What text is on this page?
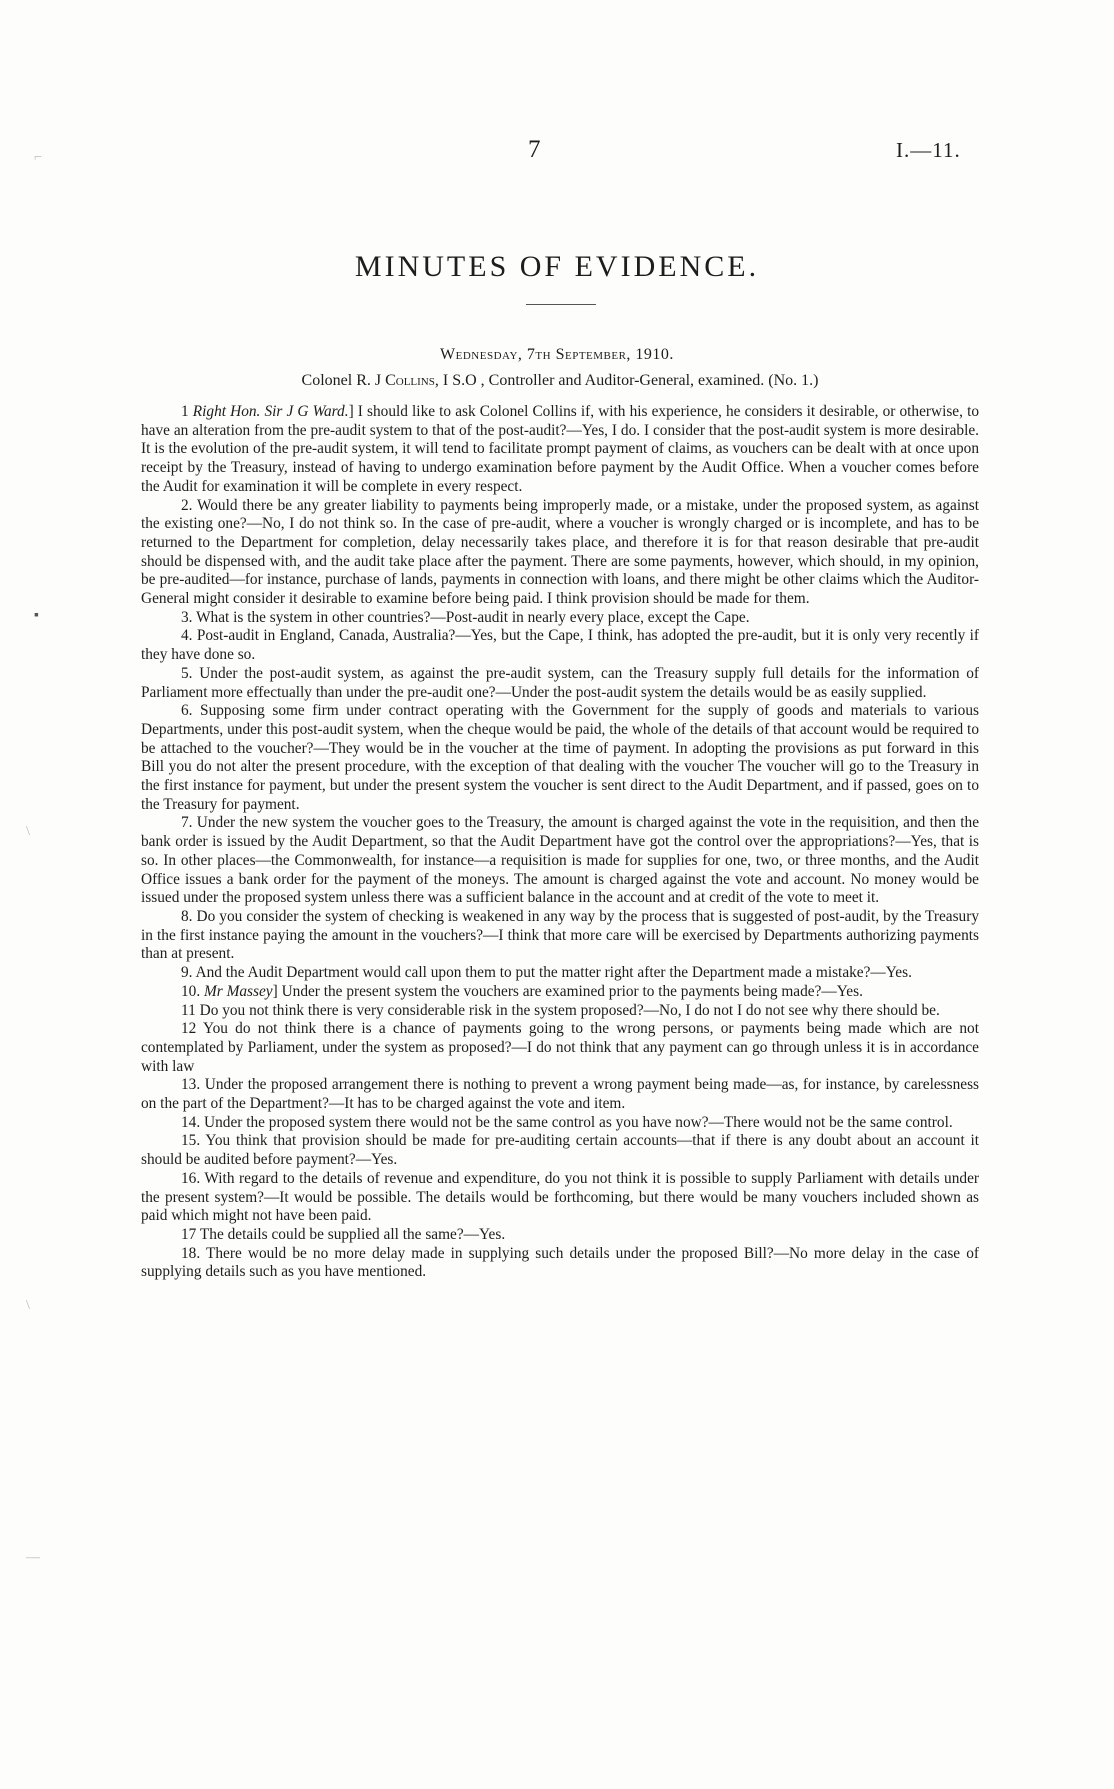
7	I.—11.
MINUTES OF EVIDENCE.
Wednesday, 7th September, 1910.
Colonel R. J Collins, I S.O , Controller and Auditor-General, examined. (No. 1.)

1 Right Hon. Sir J G Ward.] I should like to ask Colonel Collins if, with his experience, he considers it desirable, or otherwise, to have an alteration from the pre-audit system to that of the post-audit?—Yes, I do. I consider that the post-audit system is more desirable. It is the evolution of the pre-audit system, it will tend to facilitate prompt payment of claims, as vouchers can be dealt with at once upon receipt by the Treasury, instead of having to undergo examination before payment by the Audit Office. When a voucher comes before the Audit for examination it will be complete in every respect.

2. Would there be any greater liability to payments being improperly made, or a mistake, under the proposed system, as against the existing one?—No, I do not think so. In the case of pre-audit, where a voucher is wrongly charged or is incomplete, and has to be returned to the Department for completion, delay necessarily takes place, and therefore it is for that reason desirable that pre-audit should be dispensed with, and the audit take place after the payment. There are some payments, however, which should, in my opinion, be pre-audited—for instance, purchase of lands, payments in connection with loans, and there might be other claims which the Auditor-General might consider it desirable to examine before being paid. I think provision should be made for them.

3. What is the system in other countries?—Post-audit in nearly every place, except the Cape.

4. Post-audit in England, Canada, Australia?—Yes, but the Cape, I think, has adopted the pre-audit, but it is only very recently if they have done so.

5. Under the post-audit system, as against the pre-audit system, can the Treasury supply full details for the information of Parliament more effectually than under the pre-audit one?—Under the post-audit system the details would be as easily supplied.

6. Supposing some firm under contract operating with the Government for the supply of goods and materials to various Departments, under this post-audit system, when the cheque would be paid, the whole of the details of that account would be required to be attached to the voucher?—They would be in the voucher at the time of payment. In adopting the provisions as put forward in this Bill you do not alter the present procedure, with the exception of that dealing with the voucher The voucher will go to the Treasury in the first instance for payment, but under the present system the voucher is sent direct to the Audit Department, and if passed, goes on to the Treasury for payment.

7. Under the new system the voucher goes to the Treasury, the amount is charged against the vote in the requisition, and then the bank order is issued by the Audit Department, so that the Audit Department have got the control over the appropriations?—Yes, that is so. In other places—the Commonwealth, for instance—a requisition is made for supplies for one, two, or three months, and the Audit Office issues a bank order for the payment of the moneys. The amount is charged against the vote and account. No money would be issued under the proposed system unless there was a sufficient balance in the account and at credit of the vote to meet it.

8. Do you consider the system of checking is weakened in any way by the process that is suggested of post-audit, by the Treasury in the first instance paying the amount in the vouchers?—I think that more care will be exercised by Departments authorizing payments than at present.

9. And the Audit Department would call upon them to put the matter right after the Department made a mistake?—Yes.

10. Mr Massey] Under the present system the vouchers are examined prior to the payments being made?—Yes.

11 Do you not think there is very considerable risk in the system proposed?—No, I do not I do not see why there should be.

12 You do not think there is a chance of payments going to the wrong persons, or payments being made which are not contemplated by Parliament, under the system as proposed?—I do not think that any payment can go through unless it is in accordance with law

13. Under the proposed arrangement there is nothing to prevent a wrong payment being made—as, for instance, by carelessness on the part of the Department?—It has to be charged against the vote and item.

14. Under the proposed system there would not be the same control as you have now?—There would not be the same control.

15. You think that provision should be made for pre-auditing certain accounts—that if there is any doubt about an account it should be audited before payment?—Yes.

16. With regard to the details of revenue and expenditure, do you not think it is possible to supply Parliament with details under the present system?—It would be possible. The details would be forthcoming, but there would be many vouchers included shown as paid which might not have been paid.

17 The details could be supplied all the same?—Yes.

18. There would be no more delay made in supplying such details under the proposed Bill?—No more delay in the case of supplying details such as you have mentioned.

⌐
▪
\
\
—
